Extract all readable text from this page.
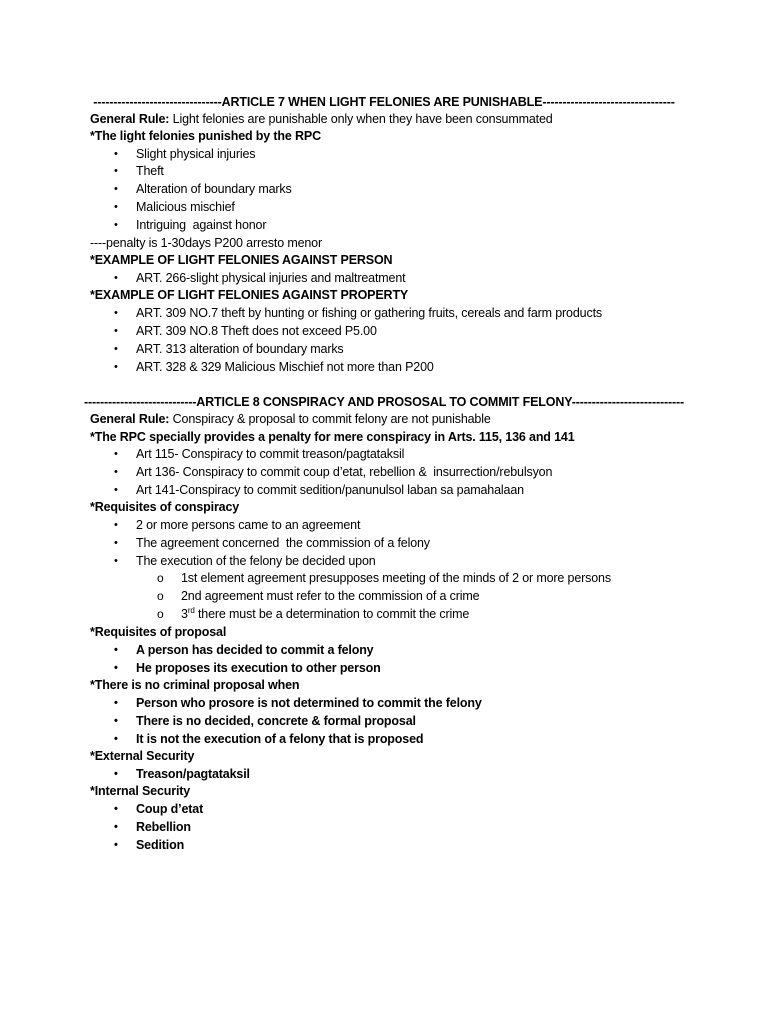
--------------------------------ARTICLE 7 WHEN LIGHT FELONIES ARE PUNISHABLE---------------------------------
General Rule: Light felonies are punishable only when they have been consummated
*The light felonies punished by the RPC
• Slight physical injuries
• Theft
• Alteration of boundary marks
• Malicious mischief
• Intriguing  against honor
----penalty is 1-30days P200 arresto menor
*EXAMPLE OF LIGHT FELONIES AGAINST PERSON
• ART. 266-slight physical injuries and maltreatment
*EXAMPLE OF LIGHT FELONIES AGAINST PROPERTY
• ART. 309 NO.7 theft by hunting or fishing or gathering fruits, cereals and farm products
• ART. 309 NO.8 Theft does not exceed P5.00
• ART. 313 alteration of boundary marks
• ART. 328 & 329 Malicious Mischief not more than P200
----------------------------ARTICLE 8 CONSPIRACY AND PROSOSAL TO COMMIT FELONY----------------------------
General Rule: Conspiracy & proposal to commit felony are not punishable
*The RPC specially provides a penalty for mere conspiracy in Arts. 115, 136 and 141
• Art 115- Conspiracy to commit treason/pagtataksil
• Art 136- Conspiracy to commit coup d’etat, rebellion &  insurrection/rebulsyon
• Art 141-Conspiracy to commit sedition/panunulsol laban sa pamahalaan
*Requisites of conspiracy
• 2 or more persons came to an agreement
• The agreement concerned  the commission of a felony
• The execution of the felony be decided upon
o 1st element agreement presupposes meeting of the minds of 2 or more persons
o 2nd agreement must refer to the commission of a crime
o 3rd there must be a determination to commit the crime
*Requisites of proposal
• A person has decided to commit a felony
• He proposes its execution to other person
*There is no criminal proposal when
• Person who prosore is not determined to commit the felony
• There is no decided, concrete & formal proposal
• It is not the execution of a felony that is proposed
*External Security
• Treason/pagtataksil
*Internal Security
• Coup d’etat
• Rebellion
• Sedition
